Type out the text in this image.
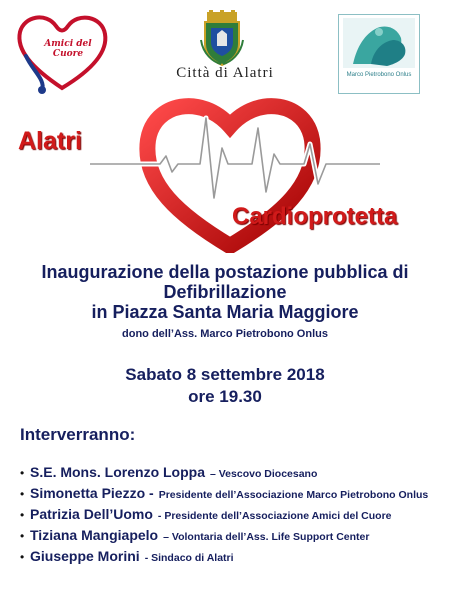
Amici del Cuore
Città di Alatri	Marco Pietrobono Onlus
Alatri
Cardioprotetta
Inaugurazione della postazione pubblica di
Defibrillazione
in Piazza Santa Maria Maggiore
dono dell’Ass. Marco Pietrobono Onlus
Sabato 8 settembre 2018
ore 19.30
Interverranno:
• S.E. Mons. Lorenzo Loppa – Vescovo Diocesano
• Simonetta Piezzo - Presidente dell’Associazione Marco Pietrobono Onlus
• Patrizia Dell’Uomo - Presidente dell’Associazione Amici del Cuore
• Tiziana Mangiapelo – Volontaria dell’Ass. Life Support Center
• Giuseppe Morini - Sindaco di Alatri
